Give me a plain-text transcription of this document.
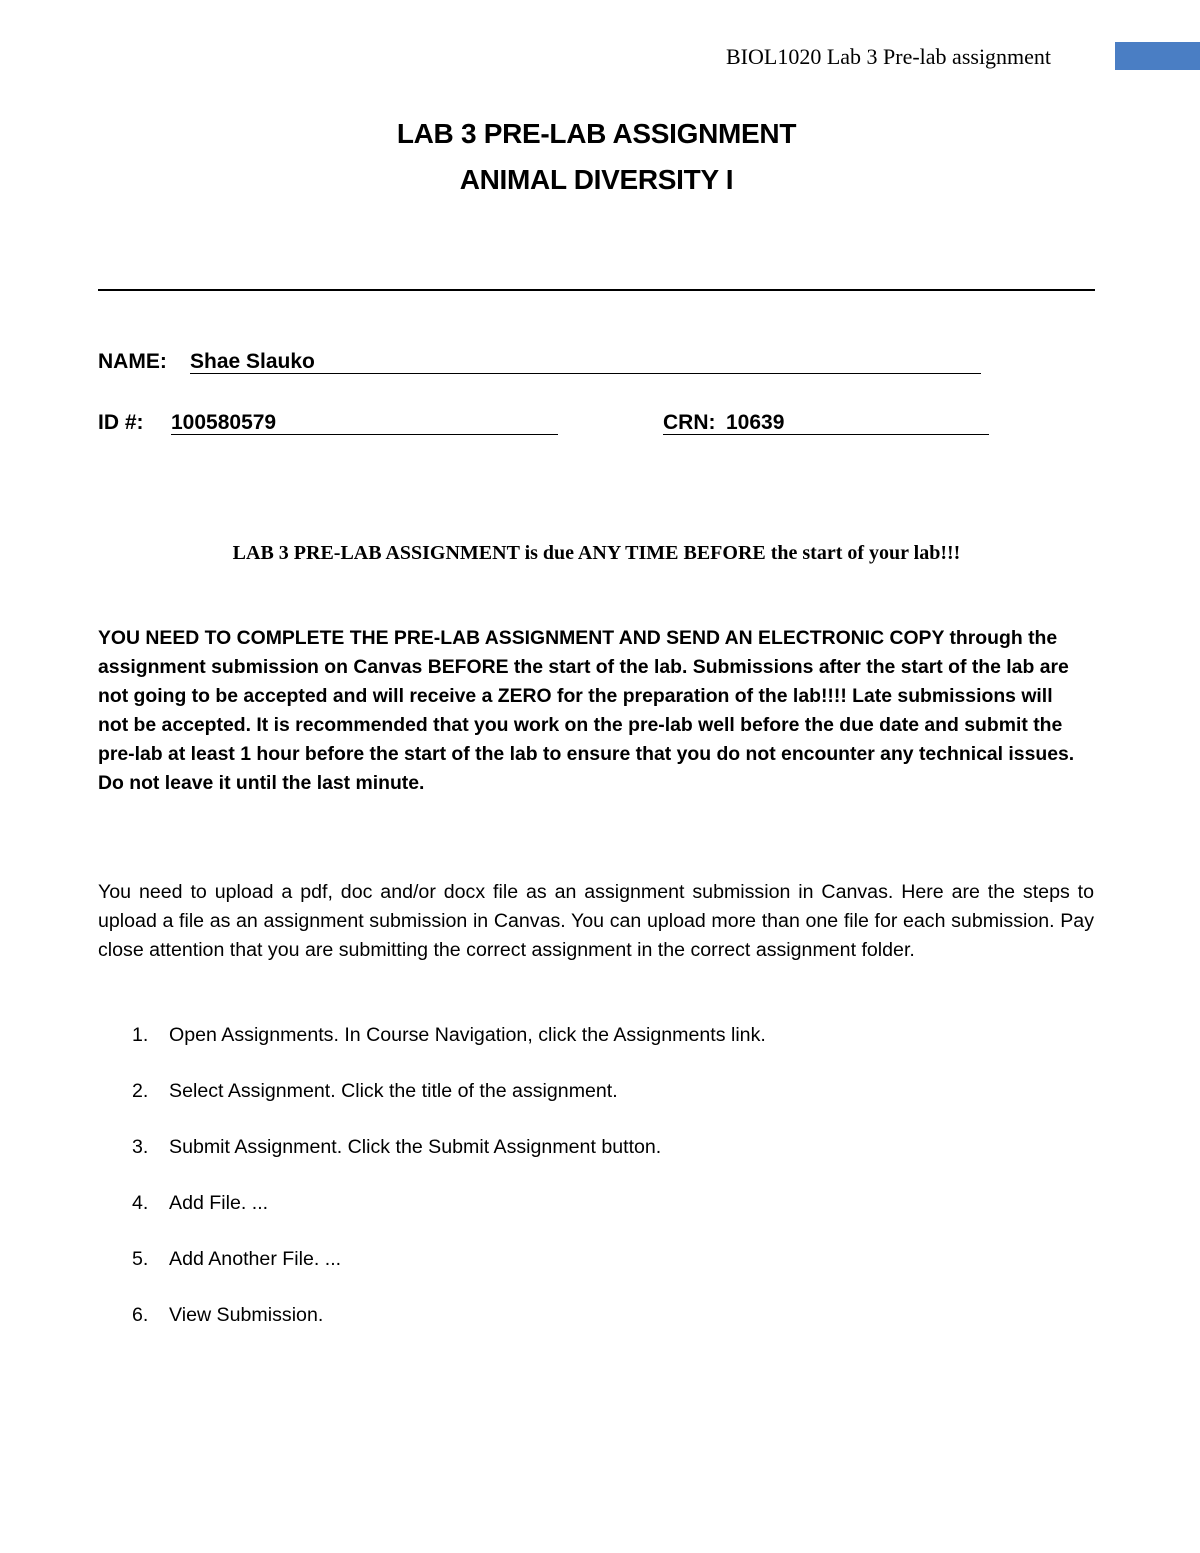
BIOL1020 Lab 3 Pre-lab assignment
LAB 3 PRE-LAB ASSIGNMENT
ANIMAL DIVERSITY I
NAME: Shae Slauko
ID #: 100580579	CRN: 10639
LAB 3 PRE-LAB ASSIGNMENT is due ANY TIME BEFORE the start of your lab!!!
YOU NEED TO COMPLETE THE PRE-LAB ASSIGNMENT AND SEND AN ELECTRONIC COPY through the assignment submission on Canvas BEFORE the start of the lab. Submissions after the start of the lab are not going to be accepted and will receive a ZERO for the preparation of the lab!!!! Late submissions will not be accepted. It is recommended that you work on the pre-lab well before the due date and submit the pre-lab at least 1 hour before the start of the lab to ensure that you do not encounter any technical issues. Do not leave it until the last minute.
You need to upload a pdf, doc and/or docx file as an assignment submission in Canvas. Here are the steps to upload a file as an assignment submission in Canvas. You can upload more than one file for each submission. Pay close attention that you are submitting the correct assignment in the correct assignment folder.
1. Open Assignments. In Course Navigation, click the Assignments link.
2. Select Assignment. Click the title of the assignment.
3. Submit Assignment. Click the Submit Assignment button.
4. Add File. ...
5. Add Another File. ...
6. View Submission.
